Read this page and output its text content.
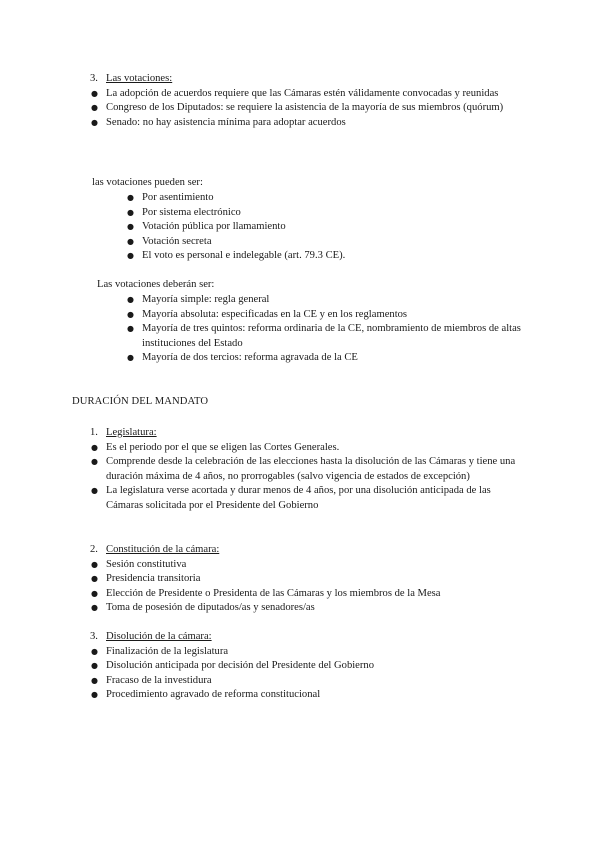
3. Las votaciones:
● La adopción de acuerdos requiere que las Cámaras estén válidamente convocadas y reunidas
● Congreso de los Diputados: se requiere la asistencia de la mayoría de sus miembros (quórum)
● Senado: no hay asistencia mínima para adoptar acuerdos
las votaciones pueden ser:
● Por asentimiento
● Por sistema electrónico
● Votación pública por llamamiento
● Votación secreta
● El voto es personal e indelegable (art. 79.3 CE).
Las votaciones deberán ser:
● Mayoría simple: regla general
● Mayoría absoluta: especificadas en la CE y en los reglamentos
● Mayoría de tres quintos: reforma ordinaria de la CE, nombramiento de miembros de altas instituciones del Estado
● Mayoría de dos tercios: reforma agravada de la CE
DURACIÓN DEL MANDATO
1. Legislatura:
● Es el periodo por el que se eligen las Cortes Generales.
● Comprende desde la celebración de las elecciones hasta la disolución de las Cámaras y tiene una duración máxima de 4 años, no prorrogables (salvo vigencia de estados de excepción)
● La legislatura verse acortada y durar menos de 4 años, por una disolución anticipada de las Cámaras solicitada por el Presidente del Gobierno
2. Constitución de la cámara:
● Sesión constitutiva
● Presidencia transitoria
● Elección de Presidente o Presidenta de las Cámaras y los miembros de la Mesa
● Toma de posesión de diputados/as y senadores/as
3. Disolución de la cámara:
● Finalización de la legislatura
● Disolución anticipada por decisión del Presidente del Gobierno
● Fracaso de la investidura
● Procedimiento agravado de reforma constitucional
